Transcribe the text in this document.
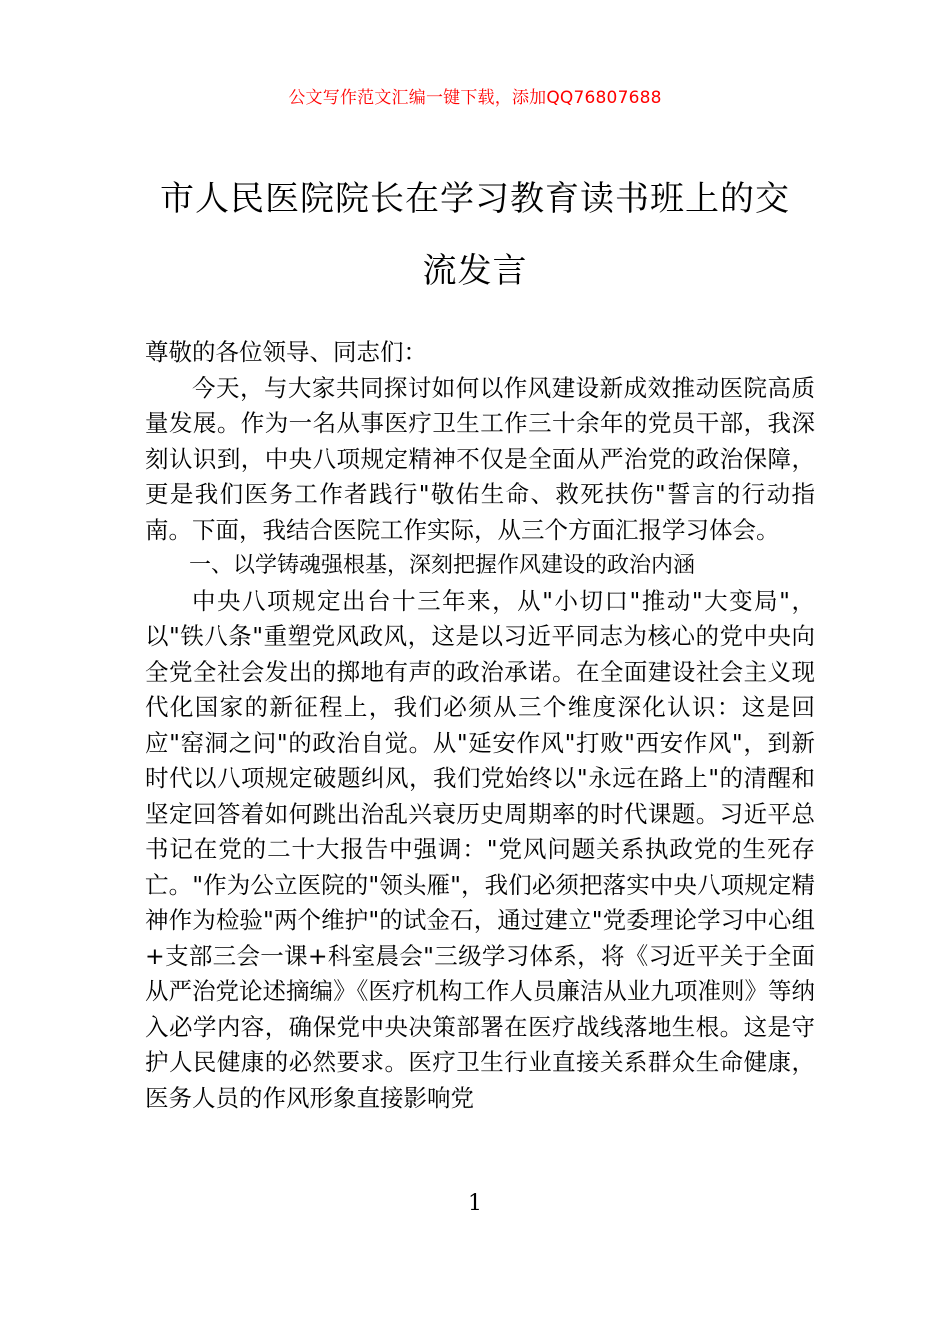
公文写作范文汇编一键下载，添加QQ76807688
市人民医院院长在学习教育读书班上的交
流发言

尊敬的各位领导、同志们：

今天，与大家共同探讨如何以作风建设新成效推动医院高质量发展。作为一名从事医疗卫生工作三十余年的党员干部，我深刻认识到，中央八项规定精神不仅是全面从严治党的政治保障，更是我们医务工作者践行"敬佑生命、救死扶伤"誓言的行动指南。下面，我结合医院工作实际，从三个方面汇报学习体会。

一、以学铸魂强根基，深刻把握作风建设的政治内涵

中央八项规定出台十三年来，从"小切口"推动"大变局"，以"铁八条"重塑党风政风，这是以习近平同志为核心的党中央向全党全社会发出的掷地有声的政治承诺。在全面建设社会主义现代化国家的新征程上，我们必须从三个维度深化认识：这是回应"窑洞之问"的政治自觉。从"延安作风"打败"西安作风"，到新时代以八项规定破题纠风，我们党始终以"永远在路上"的清醒和坚定回答着如何跳出治乱兴衰历史周期率的时代课题。习近平总书记在党的二十大报告中强调："党风问题关系执政党的生死存亡。"作为公立医院的"领头雁"，我们必须把落实中央八项规定精神作为检验"两个维护"的试金石，通过建立"党委理论学习中心组+支部三会一课+科室晨会"三级学习体系，将《习近平关于全面从严治党论述摘编》《医疗机构工作人员廉洁从业九项准则》等纳入必学内容，确保党中央决策部署在医疗战线落地生根。这是守护人民健康的必然要求。医疗卫生行业直接关系群众生命健康，医务人员的作风形象直接影响党

1
